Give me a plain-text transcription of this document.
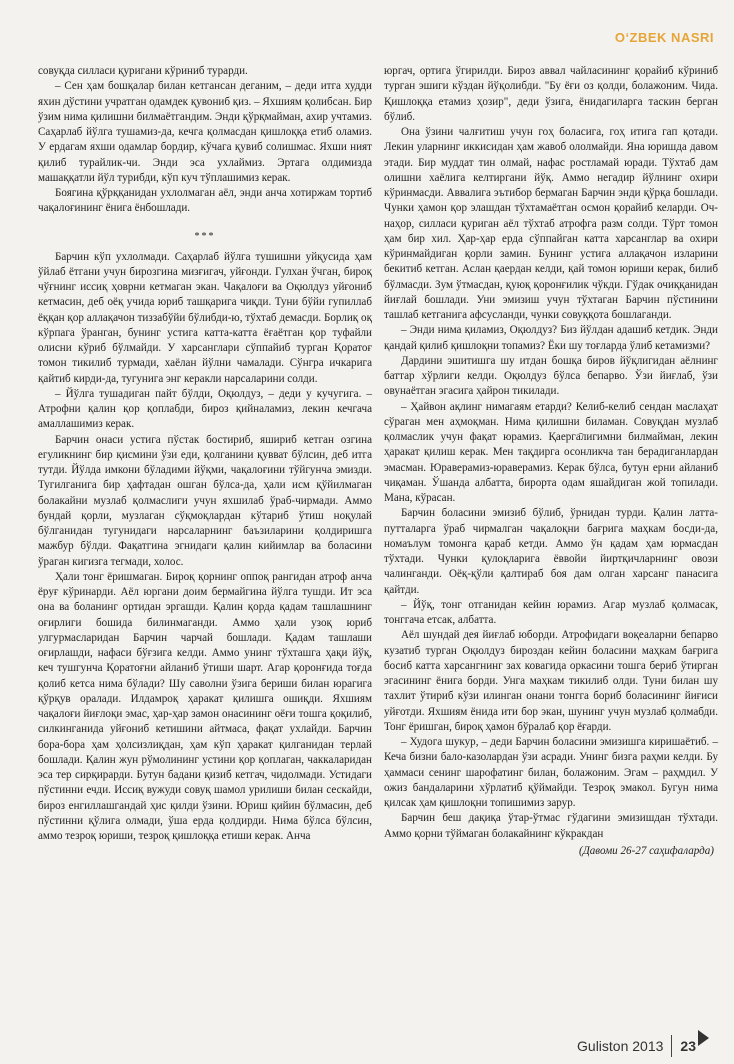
O‘ZBEK NASRI

совуқда силласи қуригани кўриниб турарди.

– Сен ҳам бошқалар билан кетгансан деганим, – деди итга худди яхин дўстини учратган одамдек қувониб қиз. – Яхшиям қолибсан. Бир ўзим нима қилишни билмаётгандим. Энди қўрқмайман, ахир учтамиз. Саҳарлаб йўлга тушамиз-да, кечга қолмасдан қишлоққа етиб оламиз. У ердагам яхши одамлар бордир, кўчага қувиб солишмас. Яхши ният қилиб турайлик-чи. Энди эса ухлаймиз. Эртага олдимизда машаққатли йўл турибди, кўп куч тўплашимиз керак.

Боягина қўрққанидан ухлолмаган аёл, энди анча хотиржам тортиб чақалоғининг ёнига ёнбошлади.

***

Барчин кўп ухлолмади. Саҳарлаб йўлга тушишни уйқусида ҳам ўйлаб ётгани учун бирозгина мизғигач, уйғонди. Гулхан ўчган, бироқ чўғнинг иссиқ ҳоврни кетмаган экан. Чақалоғи ва Оқюлдуз уйғониб кетмасин, деб оёқ учида юриб ташқарига чиқди. Туни бўйи гупиллаб ёққан қор аллақачон тиззабўйи бўлибди-ю, тўхтаб демасди. Борлиқ оқ кўрпага ўранган, бунинг устига катта-катта ёғаётган қор туфайли олисни кўриб бўлмайди. У харсанглари сўппайиб турган Қоратоғ томон тикилиб турмади, хаёлан йўлни чамалади. Сўнгра ичкарига қайтиб кирди-да, тугунига энг керакли нарсаларини солди.

– Йўлга тушадиган пайт бўлди, Оқюлдуз, – деди у кучугига. – Атрофни қалин қор қоплабди, бироз қийналамиз, лекин кечгача амаллашимиз керак.

Барчин онаси устига пўстак бостириб, яшириб кетган озгина егуликнинг бир қисмини ўзи еди, қолганини қувват бўлсин, деб итга тутди. Йўлда имкони бўладими йўқми, чақалоғини тўйгунча эмизди. Тугилганига бир ҳафтадан ошган бўлса-да, ҳали исм қўйилмаган болакайни музлаб қолмаслиги учун яхшилаб ўраб-чирмади. Аммо бундай қорли, музлаган сўқмоқлардан кўтариб ўтиш ноқулай бўлганидан тугунидаги нарсаларнинг баъзиларини қолдиришга мажбур бўлди. Фақатгина эгнидаги қалин кийимлар ва боласини ўраган кигизга тегмади, холос.

Ҳали тонг ёришмаган. Бироқ қорнинг оппоқ рангидан атроф анча ёруғ кўринарди. Аёл юргани доим бермайгина йўлга тушди. Ит эса она ва боланинг ортидан эргашди. Қалин қорда қадам ташлашнинг оғирлиги бошида билинмаганди. Аммо ҳали узоқ юриб улгурмасларидан Барчин чарчай бошлади. Қадам ташлаши оғирлашди, нафаси бўғзига келди. Аммо унинг тўхташга ҳақи йўқ, кеч тушгунча Қоратоғни айланиб ўтиши шарт. Агар қоронғида тоғда қолиб кетса нима бўлади? Шу саволни ўзига бериши билан юрагига қўрқув оралади. Илдамроқ ҳаракат қилишга ошиқди. Яхшиям чақалоғи йиғлоқи эмас, ҳар-ҳар замон онасининг оёғи тошга қоқилиб, силкинганида уйғониб кетишини айтмаса, фақат ухлайди. Барчин бора-бора ҳам ҳолсизлиқдан, ҳам кўп ҳаракат қилганидан терлай бошлади. Қалин жун рўмолининг устини қор қоплаган, чаккаларидан эса тер сирқирарди. Бутун бадани қизиб кетгач, чидолмади. Устидаги пўстинни ечди. Иссиқ вужуди совуқ шамол урилиши билан сескайди, бироз енгиллашгандай ҳис қилди ўзини. Юриш қийин бўлмасин, деб пўстинни қўлига олмади, ўша ерда қолдирди. Нима бўлса бўлсин, аммо тезроқ юриши, тезроқ қишлоққа етиши керак. Анча

юргач, ортига ўгирилди. Бироз аввал чайласининг қорайиб кўриниб турган эшиги кўздан йўқолибди. "Бу ёғи оз қолди, болажоним. Чида. Қишлоққа етамиз ҳозир", деди ўзига, ёнидагиларга таскин берган бўлиб.

Она ўзини чалғитиш учун гоҳ боласига, гоҳ итига гап қотади. Лекин уларнинг иккисидан ҳам жавоб ололмайди. Яна юришда давом этади. Бир муддат тин олмай, нафас ростламай юради. Тўхтаб дам олишни хаёлига келтиргани йўқ. Аммо негадир йўлнинг охири кўринмасди. Аввалига эътибор бермаган Барчин энди қўрқа бошлади. Чунки ҳамон қор элашдан тўхтамаётган осмон қорайиб келарди. Оч-наҳор, силласи қуриган аёл тўхтаб атрофга разм солди. Тўрт томон ҳам бир хил. Ҳар-ҳар ерда сўппайган катта харсанглар ва охири кўринмайдиган қорли замин. Бунинг устига аллақачон изларини бекитиб кетган. Аслан қаердан келди, қай томон юриши керак, билиб бўлмасди. Зум ўтмасдан, қуюқ қоронғилик чўкди. Гўдак очиққанидан йиғлай бошлади. Уни эмизиш учун тўхтаган Барчин пўстинини ташлаб кетганига афсусланди, чунки совуққота бошлаганди.

– Энди нима қиламиз, Оқюлдуз? Биз йўлдан адашиб кетдик. Энди қандай қилиб қишлоқни топамиз? Ёки шу тоғларда ўлиб кетамизми?

Дардини эшитишга шу итдан бошқа биров йўқлигидан аёлнинг баттар хўрлиги келди. Оқюлдуз бўлса бепарво. Ўзи йиғлаб, ўзи овунаётган эгасига ҳайрон тикилади.

– Ҳайвон ақлинг нимагаям етарди? Келиб-келиб сендан маслаҳат сўраган мен аҳмоқман. Нима қилишни биламан. Совуқдан музлаб қолмаслик учун фақат юрамиз. Қаерга̄лигимни билмайман, лекин ҳаракат қилиш керак. Мен тақдирга осонликча тан берадиганлардан эмасман. Юраверамиз-юраверамиз. Керак бўлса, бутун ерни айланиб чиқаман. Ўшанда албатта, бирорта одам яшайдиган жой топилади. Мана, кўрасан.

Барчин боласини эмизиб бўлиб, ўрнидан турди. Қалин латта-путталарга ўраб чирмалган чақалоқни бағрига маҳкам босди-да, номаълум томонга қараб кетди. Аммо ўн қадам ҳам юрмасдан тўхтади. Чунки қулоқларига ёввойи йиртқичларнинг овози чалинганди. Оёқ-қўли қалтираб боя дам олган харсанг панасига қайтди.

– Йўқ, тонг отганидан кейин юрамиз. Агар музлаб қолмасак, тонггача етсак, албатта.

Аёл шундай дея йиғлаб юборди. Атрофидаги воқеаларни бепарво кузатиб турган Оқюлдуз бироздан кейин боласини маҳкам бағрига босиб катта харсангнинг зах ковагида оркасини тошга бериб ўтирган эгасининг ёнига борди. Унга маҳкам тикилиб олди. Туни билан шу тахлит ўтириб кўзи илинган онани тонгга бориб боласининг йиғиси уйғотди. Яхшиям ёнида ити бор экан, шунинг учун музлаб қолмабди. Тонг ёришган, бироқ ҳамон бўралаб қор ёғарди.

– Худога шукур, – деди Барчин боласини эмизишга киришаётиб. – Кеча бизни бало-казолардан ўзи асради. Унинг бизга раҳми келди. Бу ҳаммаси сенинг шарофатинг билан, болажоним. Эгам – раҳмдил. У ожиз бандаларини хўрлатиб қўймайди. Тезроқ эмакол. Бугун нима қилсак ҳам қишлоқни топишимиз зарур.

Барчин беш дақиқа ўтар-ўтмас гўдагини эмизишдан тўхтади. Аммо қорни тўймаган болакайнинг кўкракдан

(Давоми 26-27 саҳифаларда)
Guliston 2013 23
